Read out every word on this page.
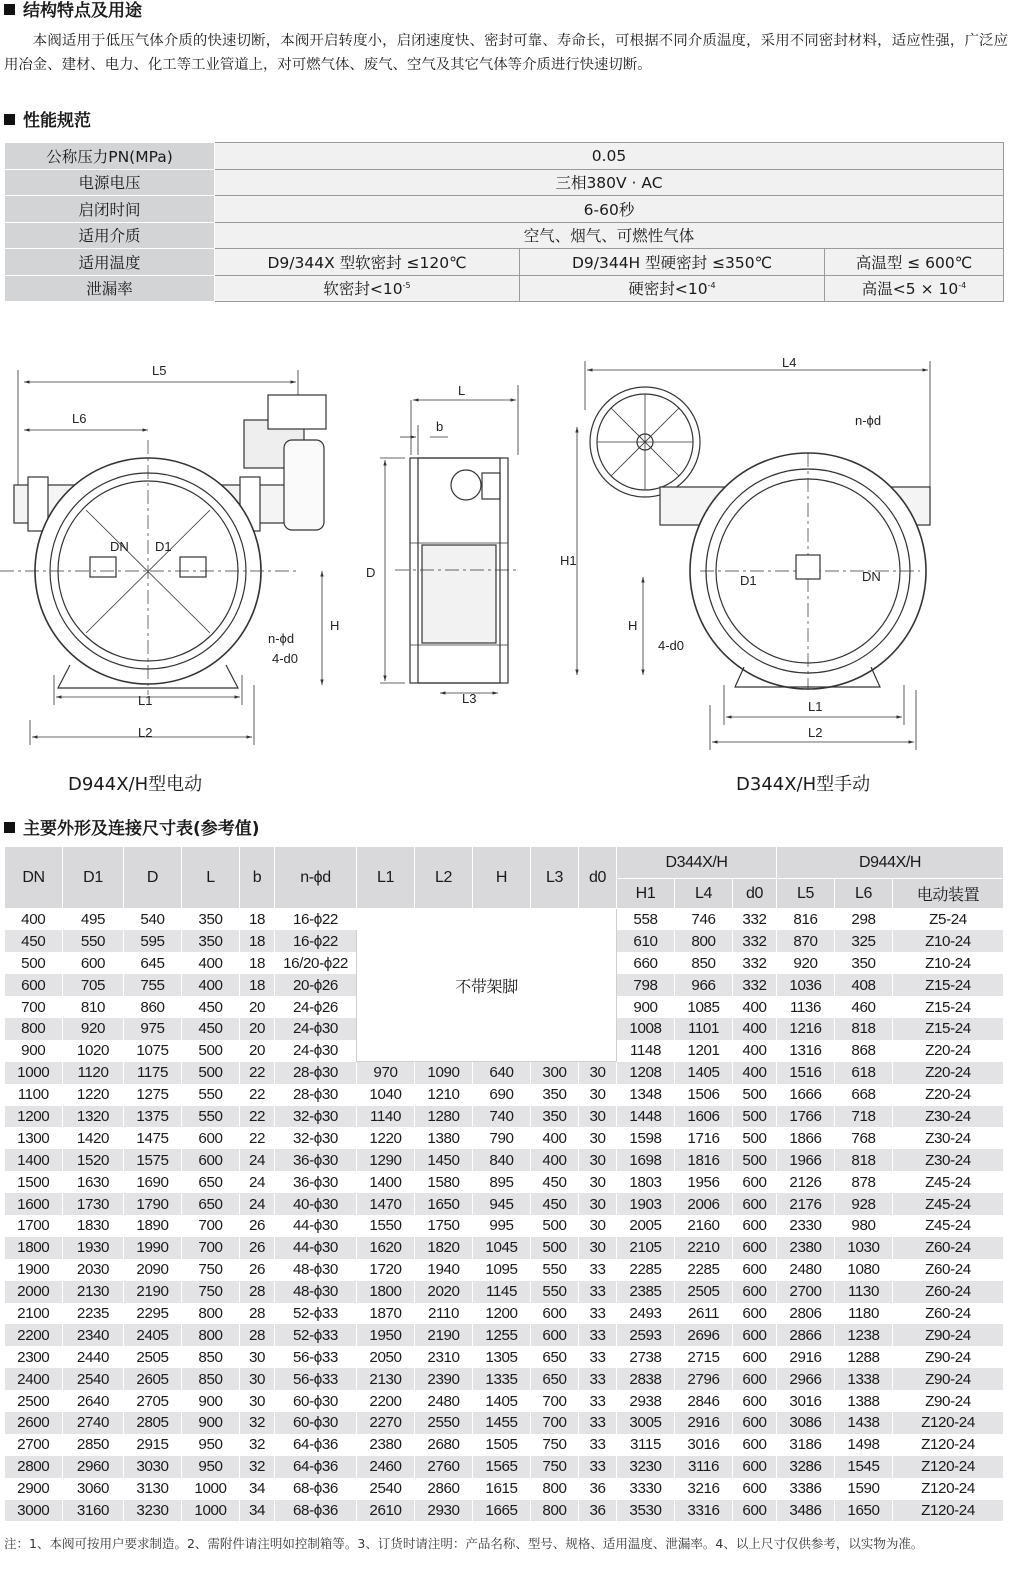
结构特点及用途

本阀适用于低压气体介质的快速切断，本阀开启转度小，启闭速度快、密封可靠、寿命长，可根据不同介质温度，采用不同密封材料，适应性强，广泛应用冶金、建材、电力、化工等工业管道上，对可燃气体、废气、空气及其它气体等介质进行快速切断。

性能规范
公称压力PN(MPa)	0.05		
电源电压	三相380V · AC		
启闭时间	6-60秒		
适用介质	空气、烟气、可燃性气体		
适用温度	D9/344X 型软密封 ≤120℃	D9/344H 型硬密封 ≤350℃	高温型 ≤ 600℃
泄漏率	软密封$<10^{-5}$	硬密封$<10^{-4}$	高温$<5 \times 10^{-4}$
L5
L6
DN D1
n-ϕd
4-d0
H
L1
L2
L
b
D
L3
L4
n-ϕd
D1	DN
H1
H
4-d0
L1
L2
D944X/H型电动	D344X/H型手动
主要外形及连接尺寸表(参考值)
DN	D1	D	L	b	n-ϕd	L1	L2	H	L3	d0	D344X/H			D944X/H		
											H1	L4	d0	L5	L6	电动装置
400	495	540	350	18	16-ϕ22	不带架脚					558	746	332	816	298	Z5-24
450	550	595	350	18	16-ϕ22						610	800	332	870	325	Z10-24
500	600	645	400	18	16/20-ϕ22						660	850	332	920	350	Z10-24
600	705	755	400	18	20-ϕ26						798	966	332	1036	408	Z15-24
700	810	860	450	20	24-ϕ26						900	1085	400	1136	460	Z15-24
800	920	975	450	20	24-ϕ30						1008	1101	400	1216	818	Z15-24
900	1020	1075	500	20	24-ϕ30						1148	1201	400	1316	868	Z20-24
1000	1120	1175	500	22	28-ϕ30	970	1090	640	300	30	1208	1405	400	1516	618	Z20-24
1100	1220	1275	550	22	28-ϕ30	1040	1210	690	350	30	1348	1506	500	1666	668	Z20-24
1200	1320	1375	550	22	32-ϕ30	1140	1280	740	350	30	1448	1606	500	1766	718	Z30-24
1300	1420	1475	600	22	32-ϕ30	1220	1380	790	400	30	1598	1716	500	1866	768	Z30-24
1400	1520	1575	600	24	36-ϕ30	1290	1450	840	400	30	1698	1816	500	1966	818	Z30-24
1500	1630	1690	650	24	36-ϕ30	1400	1580	895	450	30	1803	1956	600	2126	878	Z45-24
1600	1730	1790	650	24	40-ϕ30	1470	1650	945	450	30	1903	2006	600	2176	928	Z45-24
1700	1830	1890	700	26	44-ϕ30	1550	1750	995	500	30	2005	2160	600	2330	980	Z45-24
1800	1930	1990	700	26	44-ϕ30	1620	1820	1045	500	30	2105	2210	600	2380	1030	Z60-24
1900	2030	2090	750	26	48-ϕ30	1720	1940	1095	550	33	2285	2285	600	2480	1080	Z60-24
2000	2130	2190	750	28	48-ϕ30	1800	2020	1145	550	33	2385	2505	600	2700	1130	Z60-24
2100	2235	2295	800	28	52-ϕ33	1870	2110	1200	600	33	2493	2611	600	2806	1180	Z60-24
2200	2340	2405	800	28	52-ϕ33	1950	2190	1255	600	33	2593	2696	600	2866	1238	Z90-24
2300	2440	2505	850	30	56-ϕ33	2050	2310	1305	650	33	2738	2715	600	2916	1288	Z90-24
2400	2540	2605	850	30	56-ϕ33	2130	2390	1335	650	33	2838	2796	600	2966	1338	Z90-24
2500	2640	2705	900	30	60-ϕ30	2200	2480	1405	700	33	2938	2846	600	3016	1388	Z90-24
2600	2740	2805	900	32	60-ϕ30	2270	2550	1455	700	33	3005	2916	600	3086	1438	Z120-24
2700	2850	2915	950	32	64-ϕ36	2380	2680	1505	750	33	3115	3016	600	3186	1498	Z120-24
2800	2960	3030	950	32	64-ϕ36	2460	2760	1565	750	33	3230	3116	600	3286	1545	Z120-24
2900	3060	3130	1000	34	68-ϕ36	2540	2860	1615	800	36	3330	3216	600	3386	1590	Z120-24
3000	3160	3230	1000	34	68-ϕ36	2610	2930	1665	800	36	3530	3316	600	3486	1650	Z120-24
注：1、本阀可按用户要求制造。2、需附件请注明如控制箱等。3、订货时请注明：产品名称、型号、规格、适用温度、泄漏率。4、以上尺寸仅供参考，以实物为准。
